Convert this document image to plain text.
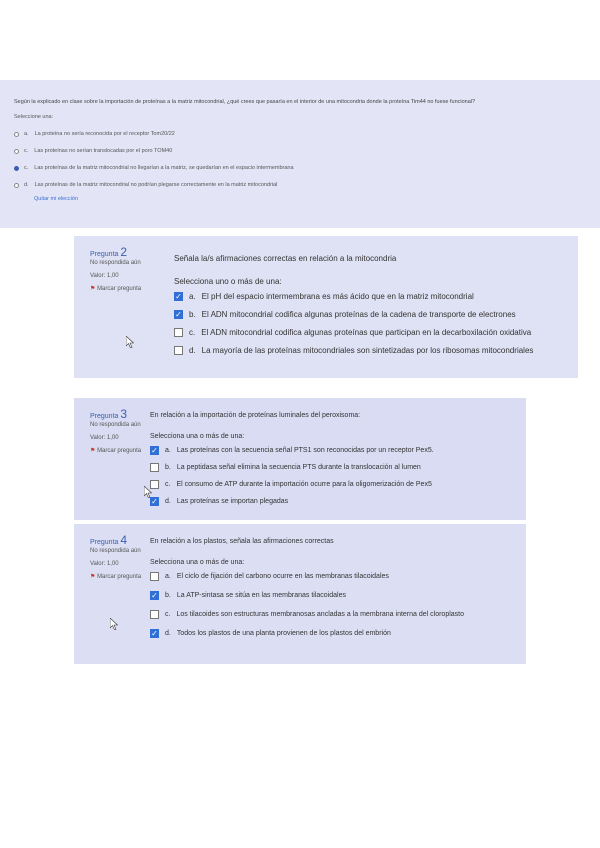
Según la explicado en clase sobre la importación de proteínas a la matriz mitocondrial, ¿qué crees que pasaría en el interior de una mitocondria donde la proteína Tim44 no fuese funcional?
Seleccione una:
a. La proteína no sería reconocida por el receptor Tom20/22
c. Las proteínas no serían translocadas por el poro TOM40
c. Las proteínas de la matriz mitocondrial no llegarían a la matriz, se quedarían en el espacio intermembrana
d. Las proteínas de la matriz mitocondrial no podrían plegarse correctamente en la matriz mitocondrial
Quitar mi elección
Pregunta 2
No respondida aún
Valor: 1,00
⚑ Marcar pregunta
Señala la/s afirmaciones correctas en relación a la mitocondria
Selecciona uno o más de una:
✓ a. El pH del espacio intermembrana es más ácido que en la matriz mitocondrial
✓ b. El ADN mitocondrial codifica algunas proteínas de la cadena de transporte de electrones
c. El ADN mitocondrial codifica algunas proteínas que participan en la decarboxilación oxidativa
d. La mayoría de las proteínas mitocondriales son sintetizadas por los ribosomas mitocondriales
Pregunta 3
No respondida aún
Valor: 1,00
⚑ Marcar pregunta
En relación a la importación de proteínas luminales del peroxisoma:
Selecciona una o más de una:
✓ a. Las proteínas con la secuencia señal PTS1 son reconocidas por un receptor Pex5.
b. La peptidasa señal elimina la secuencia PTS durante la translocación al lumen
c. El consumo de ATP durante la importación ocurre para la oligomerización de Pex5
✓ d. Las proteínas se importan plegadas
Pregunta 4
No respondida aún
Valor: 1,00
⚑ Marcar pregunta
En relación a los plastos, señala las afirmaciones correctas
Selecciona una o más de una:
a. El ciclo de fijación del carbono ocurre en las membranas tilacoidales
✓ b. La ATP-sintasa se sitúa en las membranas tilacoidales
c. Los tilacoides son estructuras membranosas ancladas a la membrana interna del cloroplasto
✓ d. Todos los plastos de una planta provienen de los plastos del embrión
